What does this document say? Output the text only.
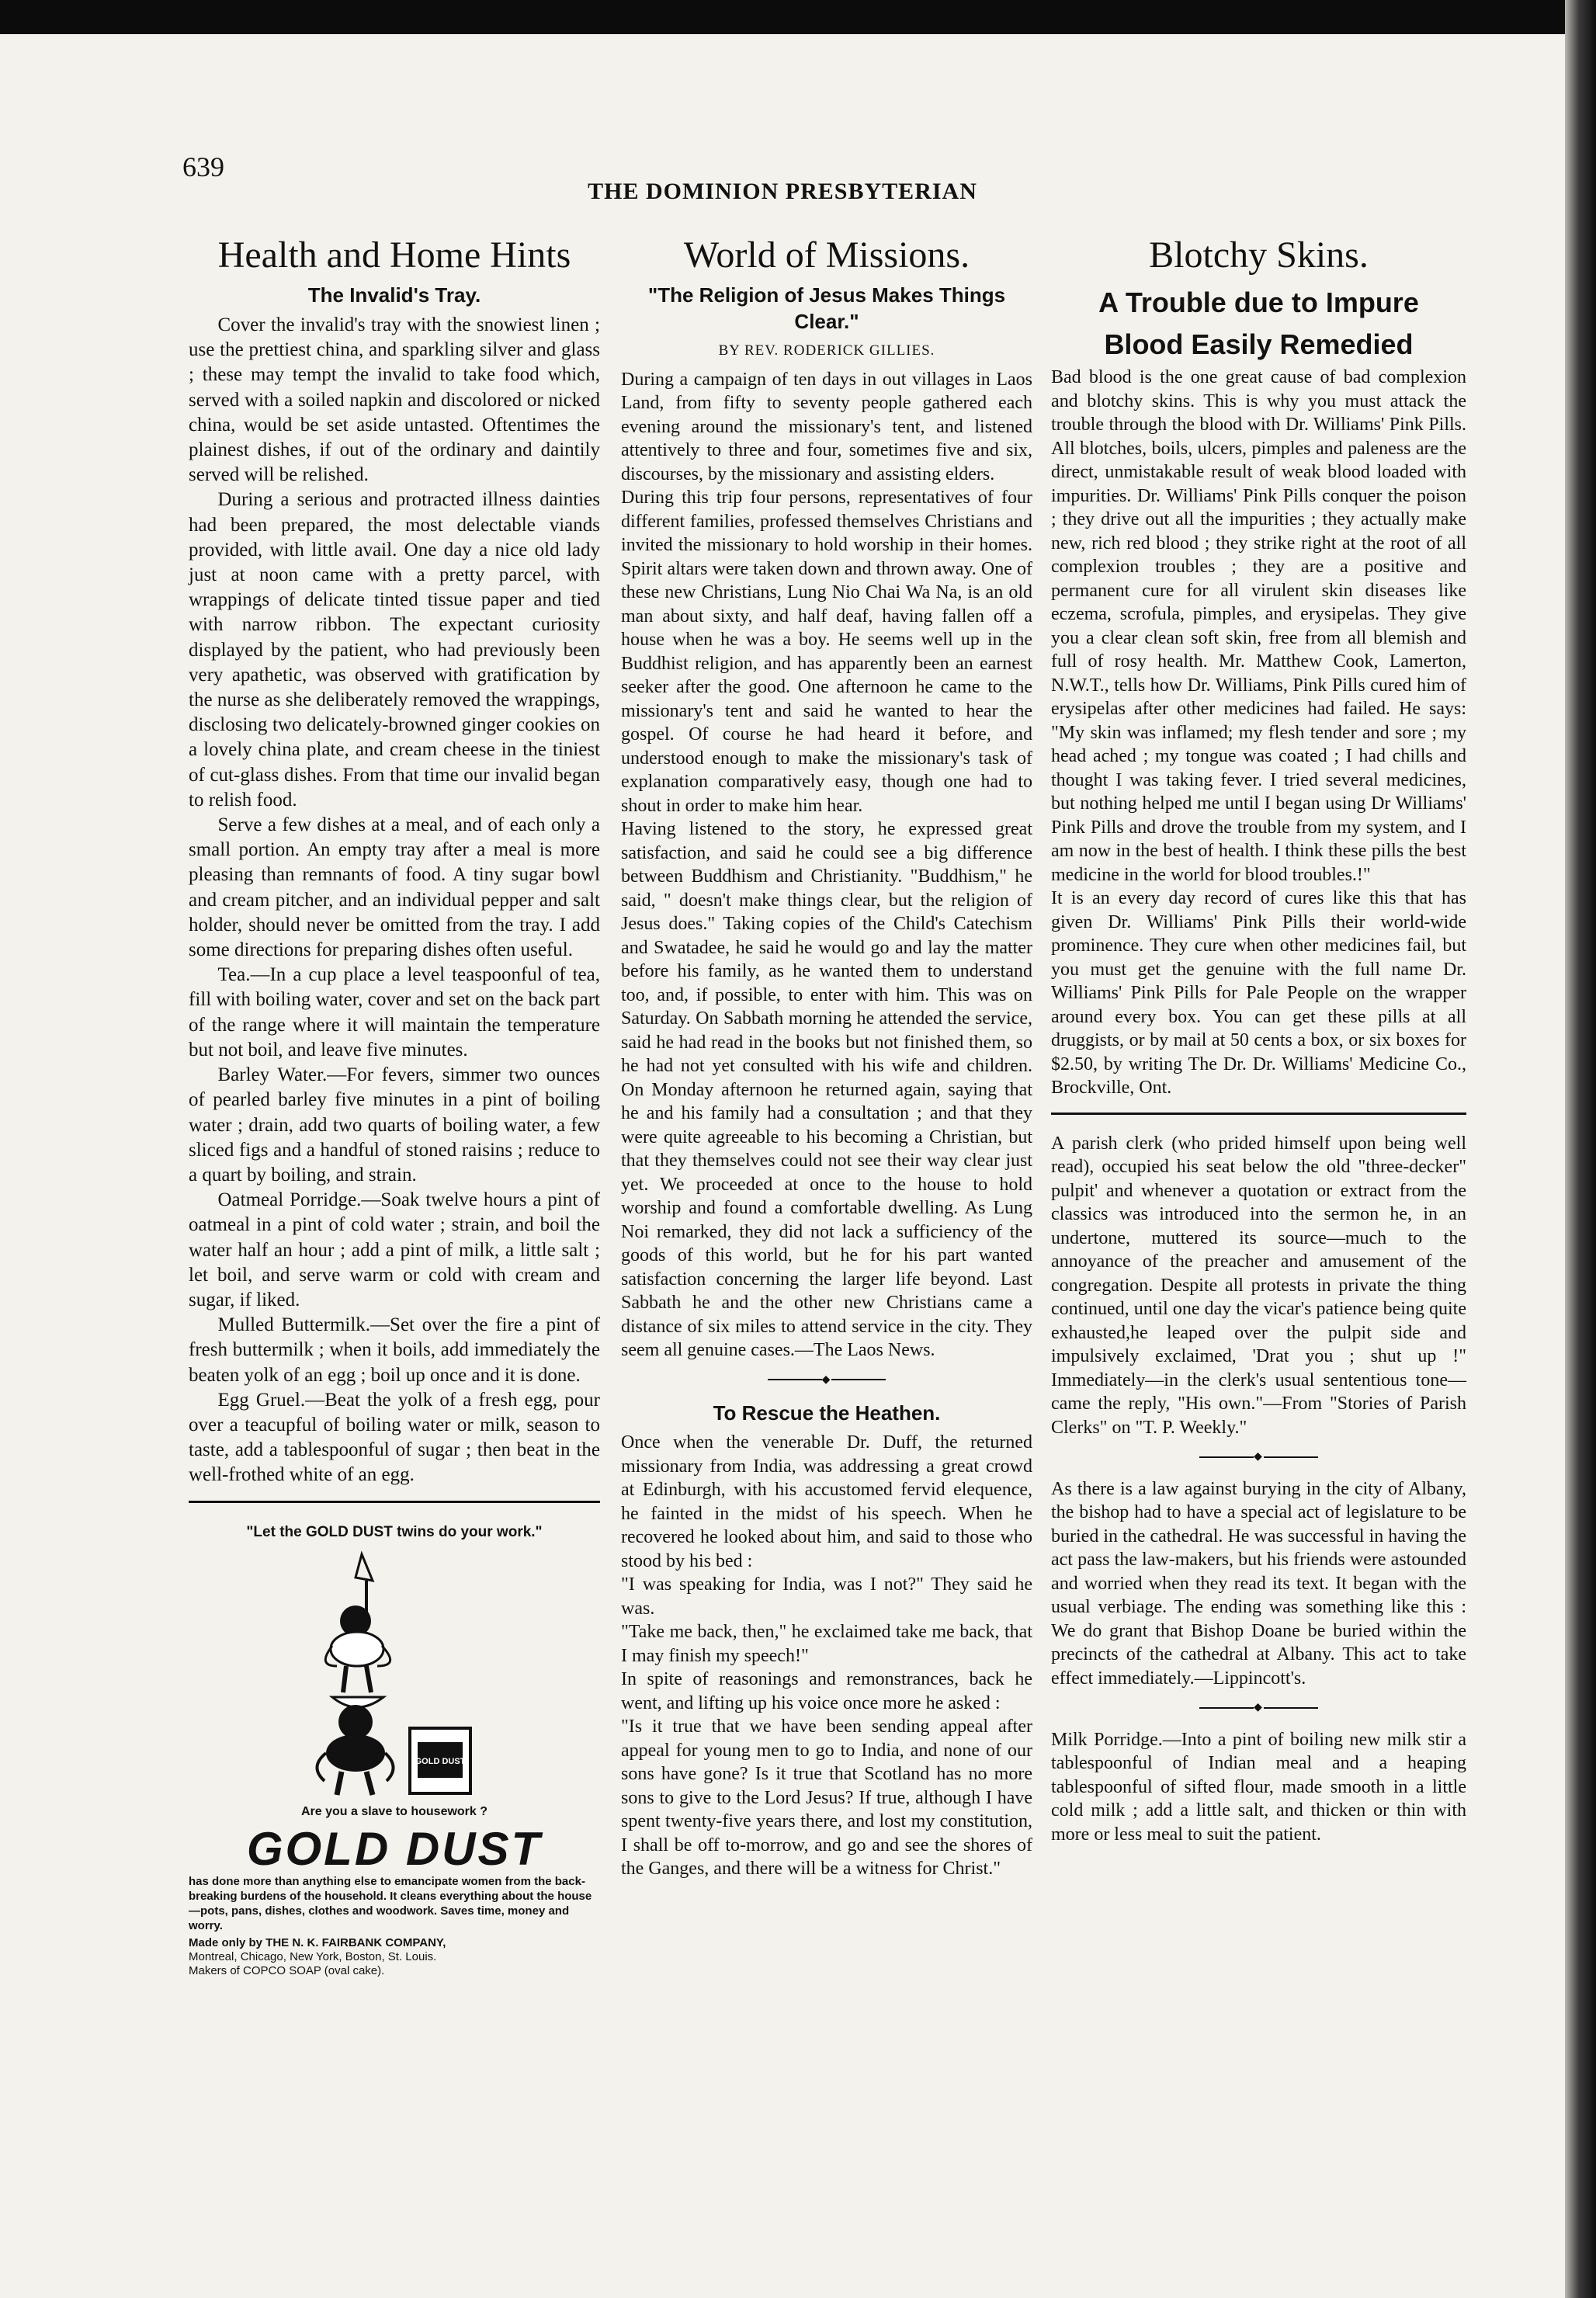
639
THE DOMINION PRESBYTERIAN
Health and Home Hints
The Invalid's Tray.

Cover the invalid's tray with the snowiest linen ; use the prettiest china, and sparkling silver and glass ; these may tempt the invalid to take food which, served with a soiled napkin and discolored or nicked china, would be set aside untasted. Oftentimes the plainest dishes, if out of the ordinary and daintily served will be relished.

During a serious and protracted illness dainties had been prepared, the most delectable viands provided, with little avail. One day a nice old lady just at noon came with a pretty parcel, with wrappings of delicate tinted tissue paper and tied with narrow ribbon. The expectant curiosity displayed by the patient, who had previously been very apathetic, was observed with gratification by the nurse as she deliberately removed the wrappings, disclosing two delicately-browned ginger cookies on a lovely china plate, and cream cheese in the tiniest of cut-glass dishes. From that time our invalid began to relish food.

Serve a few dishes at a meal, and of each only a small portion. An empty tray after a meal is more pleasing than remnants of food. A tiny sugar bowl and cream pitcher, and an individual pepper and salt holder, should never be omitted from the tray. I add some directions for preparing dishes often useful.

Tea.—In a cup place a level teaspoonful of tea, fill with boiling water, cover and set on the back part of the range where it will maintain the temperature but not boil, and leave five minutes.

Barley Water.—For fevers, simmer two ounces of pearled barley five minutes in a pint of boiling water ; drain, add two quarts of boiling water, a few sliced figs and a handful of stoned raisins ; reduce to a quart by boiling, and strain.

Oatmeal Porridge.—Soak twelve hours a pint of oatmeal in a pint of cold water ; strain, and boil the water half an hour ; add a pint of milk, a little salt ; let boil, and serve warm or cold with cream and sugar, if liked.

Mulled Buttermilk.—Set over the fire a pint of fresh buttermilk ; when it boils, add immediately the beaten yolk of an egg ; boil up once and it is done.

Egg Gruel.—Beat the yolk of a fresh egg, pour over a teacupful of boiling water or milk, season to taste, add a tablespoonful of sugar ; then beat in the well-frothed white of an egg.

"Let the GOLD DUST twins do your work."
GOLD DUST
Are you a slave to housework ?
GOLD DUST
has done more than anything else to emancipate women from the back-breaking burdens of the household. It cleans everything about the house—pots, pans, dishes, clothes and woodwork. Saves time, money and worry.
Made only by THE N. K. FAIRBANK COMPANY,
Montreal, Chicago, New York, Boston, St. Louis.
Makers of COPCO SOAP (oval cake).
World of Missions.
"The Religion of Jesus Makes Things Clear."
BY REV. RODERICK GILLIES.

During a campaign of ten days in out villages in Laos Land, from fifty to seventy people gathered each evening around the missionary's tent, and listened attentively to three and four, sometimes five and six, discourses, by the missionary and assisting elders.

During this trip four persons, representatives of four different families, professed themselves Christians and invited the missionary to hold worship in their homes. Spirit altars were taken down and thrown away. One of these new Christians, Lung Nio Chai Wa Na, is an old man about sixty, and half deaf, having fallen off a house when he was a boy. He seems well up in the Buddhist religion, and has apparently been an earnest seeker after the good. One afternoon he came to the missionary's tent and said he wanted to hear the gospel. Of course he had heard it before, and understood enough to make the missionary's task of explanation comparatively easy, though one had to shout in order to make him hear.

Having listened to the story, he expressed great satisfaction, and said he could see a big difference between Buddhism and Christianity. "Buddhism," he said, " doesn't make things clear, but the religion of Jesus does." Taking copies of the Child's Catechism and Swatadee, he said he would go and lay the matter before his family, as he wanted them to understand too, and, if possible, to enter with him. This was on Saturday. On Sabbath morning he attended the service, said he had read in the books but not finished them, so he had not yet consulted with his wife and children. On Monday afternoon he returned again, saying that he and his family had a consultation ; and that they were quite agreeable to his becoming a Christian, but that they themselves could not see their way clear just yet. We proceeded at once to the house to hold worship and found a comfortable dwelling. As Lung Noi remarked, they did not lack a sufficiency of the goods of this world, but he for his part wanted satisfaction concerning the larger life beyond. Last Sabbath he and the other new Christians came a distance of six miles to attend service in the city. They seem all genuine cases.—The Laos News.

◆
To Rescue the Heathen.

Once when the venerable Dr. Duff, the returned missionary from India, was addressing a great crowd at Edinburgh, with his accustomed fervid elequence, he fainted in the midst of his speech. When he recovered he looked about him, and said to those who stood by his bed :

"I was speaking for India, was I not?" They said he was.

"Take me back, then," he exclaimed take me back, that I may finish my speech!"

In spite of reasonings and remonstrances, back he went, and lifting up his voice once more he asked :

"Is it true that we have been sending appeal after appeal for young men to go to India, and none of our sons have gone? Is it true that Scotland has no more sons to give to the Lord Jesus? If true, although I have spent twenty-five years there, and lost my constitution, I shall be off to-morrow, and go and see the shores of the Ganges, and there will be a witness for Christ."

Blotchy Skins.
A Trouble due to Impure
Blood Easily Remedied

Bad blood is the one great cause of bad complexion and blotchy skins. This is why you must attack the trouble through the blood with Dr. Williams' Pink Pills. All blotches, boils, ulcers, pimples and paleness are the direct, unmistakable result of weak blood loaded with impurities. Dr. Williams' Pink Pills conquer the poison ; they drive out all the impurities ; they actually make new, rich red blood ; they strike right at the root of all complexion troubles ; they are a positive and permanent cure for all virulent skin diseases like eczema, scrofula, pimples, and erysipelas. They give you a clear clean soft skin, free from all blemish and full of rosy health. Mr. Matthew Cook, Lamerton, N.W.T., tells how Dr. Williams, Pink Pills cured him of erysipelas after other medicines had failed. He says: "My skin was inflamed; my flesh tender and sore ; my head ached ; my tongue was coated ; I had chills and thought I was taking fever. I tried several medicines, but nothing helped me until I began using Dr Williams' Pink Pills and drove the trouble from my system, and I am now in the best of health. I think these pills the best medicine in the world for blood troubles.!"

It is an every day record of cures like this that has given Dr. Williams' Pink Pills their world-wide prominence. They cure when other medicines fail, but you must get the genuine with the full name Dr. Williams' Pink Pills for Pale People on the wrapper around every box. You can get these pills at all druggists, or by mail at 50 cents a box, or six boxes for $2.50, by writing The Dr. Dr. Williams' Medicine Co., Brockville, Ont.

A parish clerk (who prided himself upon being well read), occupied his seat below the old "three-decker" pulpit' and whenever a quotation or extract from the classics was introduced into the sermon he, in an undertone, muttered its source—much to the annoyance of the preacher and amusement of the congregation. Despite all protests in private the thing continued, until one day the vicar's patience being quite exhausted,he leaped over the pulpit side and impulsively exclaimed, 'Drat you ; shut up !" Immediately—in the clerk's usual sententious tone—came the reply, "His own."—From "Stories of Parish Clerks" on "T. P. Weekly."

◆

As there is a law against burying in the city of Albany, the bishop had to have a special act of legislature to be buried in the cathedral. He was successful in having the act pass the law-makers, but his friends were astounded and worried when they read its text. It began with the usual verbiage. The ending was something like this : We do grant that Bishop Doane be buried within the precincts of the cathedral at Albany. This act to take effect immediately.—Lippincott's.

◆

Milk Porridge.—Into a pint of boiling new milk stir a tablespoonful of Indian meal and a heaping tablespoonful of sifted flour, made smooth in a little cold milk ; add a little salt, and thicken or thin with more or less meal to suit the patient.
